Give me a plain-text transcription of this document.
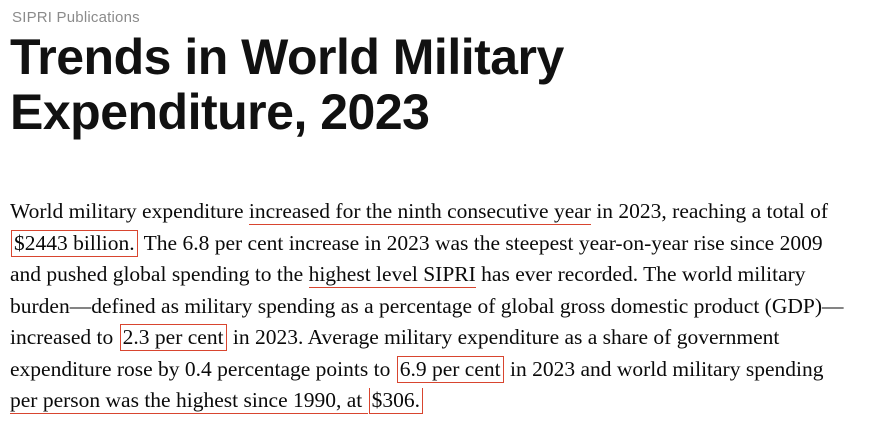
SIPRI Publications
Trends in World Military
Expenditure, 2023

World military expenditure increased for the ninth consecutive year in 2023, reaching a total of $2443 billion. The 6.8 per cent increase in 2023 was the steepest year-on-year rise since 2009 and pushed global spending to the highest level SIPRI has ever recorded. The world military burden—defined as military spending as a percentage of global gross domestic product (GDP)—increased to 2.3 per cent in 2023. Average military expenditure as a share of government expenditure rose by 0.4 percentage points to 6.9 per cent in 2023 and world military spending per person was the highest since 1990, at $306.
